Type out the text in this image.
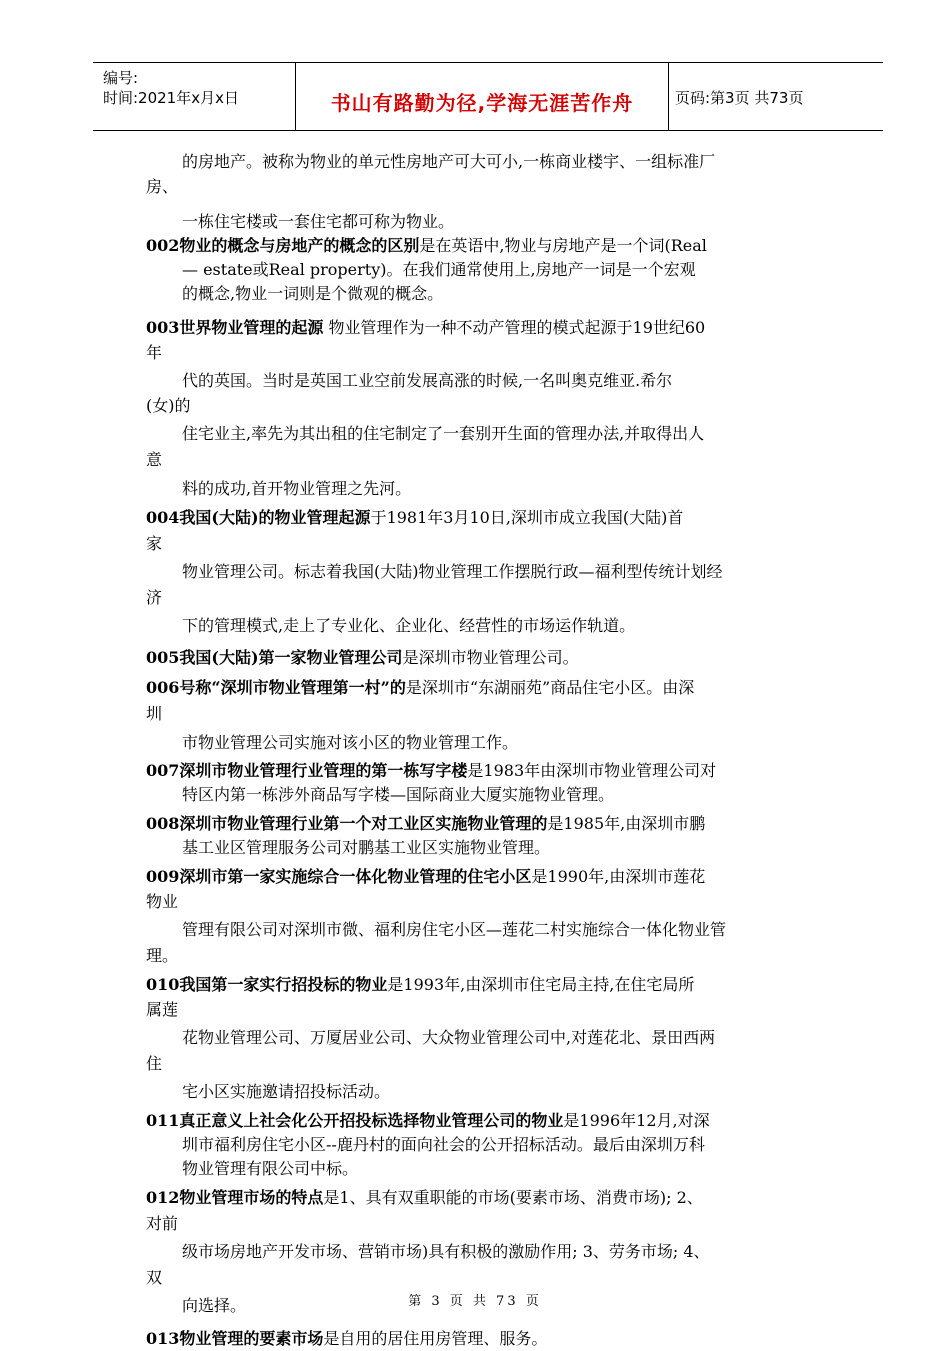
编号:
时间:2021年x月x日	书山有路勤为径,学海无涯苦作舟	页码:第3页 共73页
的房地产。被称为物业的单元性房地产可大可小,一栋商业楼宇、一组标准厂
房、
一栋住宅楼或一套住宅都可称为物业。
002物业的概念与房地产的概念的区别是在英语中,物业与房地产是一个词(Real
— estate或Real property)。在我们通常使用上,房地产一词是一个宏观
的概念,物业一词则是个微观的概念。
003世界物业管理的起源 物业管理作为一种不动产管理的模式起源于19世纪60
年
代的英国。当时是英国工业空前发展高涨的时候,一名叫奥克维亚.希尔
(女)的
住宅业主,率先为其出租的住宅制定了一套别开生面的管理办法,并取得出人
意
料的成功,首开物业管理之先河。
004我国(大陆)的物业管理起源于1981年3月10日,深圳市成立我国(大陆)首
家
物业管理公司。标志着我国(大陆)物业管理工作摆脱行政—福利型传统计划经
济
下的管理模式,走上了专业化、企业化、经营性的市场运作轨道。
005我国(大陆)第一家物业管理公司是深圳市物业管理公司。
006号称“深圳市物业管理第一村”的是深圳市“东湖丽苑”商品住宅小区。由深
圳
市物业管理公司实施对该小区的物业管理工作。
007深圳市物业管理行业管理的第一栋写字楼是1983年由深圳市物业管理公司对
特区内第一栋涉外商品写字楼—国际商业大厦实施物业管理。
008深圳市物业管理行业第一个对工业区实施物业管理的是1985年,由深圳市鹏
基工业区管理服务公司对鹏基工业区实施物业管理。
009深圳市第一家实施综合一体化物业管理的住宅小区是1990年,由深圳市莲花
物业
管理有限公司对深圳市微、福利房住宅小区—莲花二村实施综合一体化物业管
理。
010我国第一家实行招投标的物业是1993年,由深圳市住宅局主持,在住宅局所
属莲
花物业管理公司、万厦居业公司、大众物业管理公司中,对莲花北、景田西两
住
宅小区实施邀请招投标活动。
011真正意义上社会化公开招投标选择物业管理公司的物业是1996年12月,对深
圳市福利房住宅小区--鹿丹村的面向社会的公开招标活动。最后由深圳万科
物业管理有限公司中标。
012物业管理市场的特点是1、具有双重职能的市场(要素市场、消费市场); 2、
对前
级市场房地产开发市场、营销市场)具有积极的激励作用; 3、劳务市场; 4、
双
向选择。
013物业管理的要素市场是自用的居住用房管理、服务。
第 3 页 共 73 页
